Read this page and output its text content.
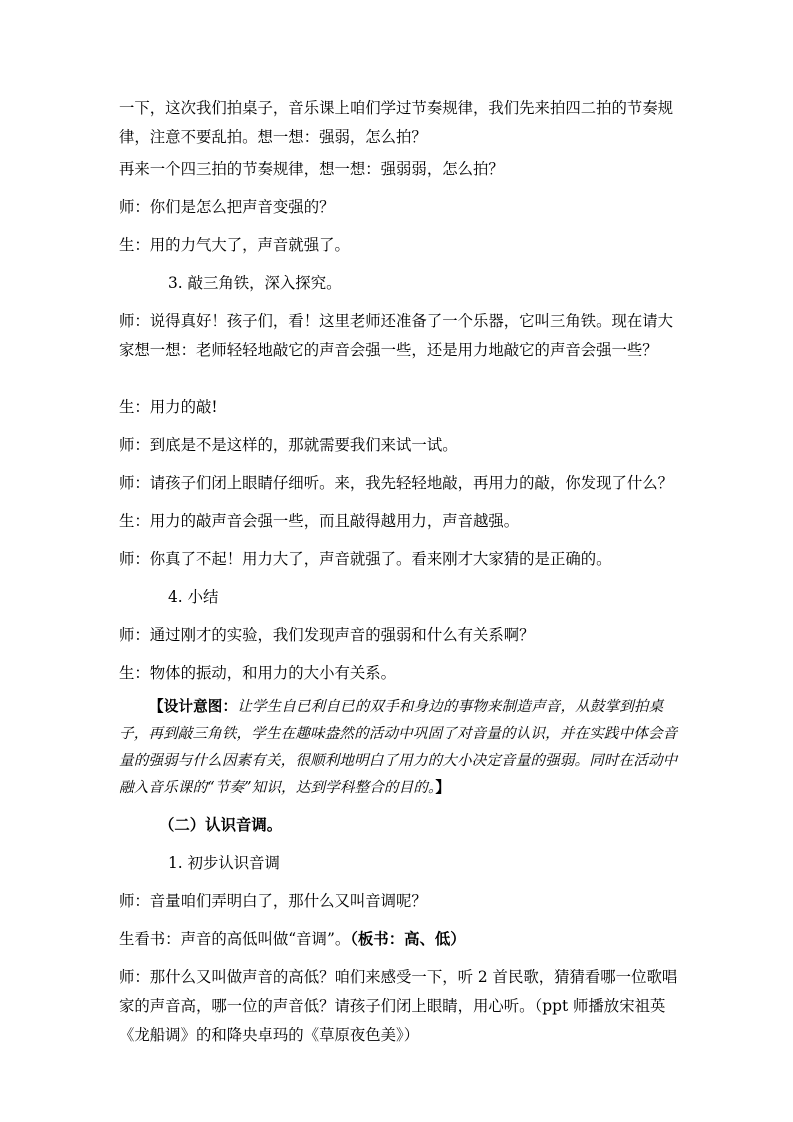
一下，这次我们拍桌子，音乐课上咱们学过节奏规律，我们先来拍四二拍的节奏规律，注意不要乱拍。想一想：强弱，怎么拍？

再来一个四三拍的节奏规律，想一想：强弱弱，怎么拍？

师：你们是怎么把声音变强的？

生：用的力气大了，声音就强了。

3. 敲三角铁，深入探究。

师：说得真好！孩子们，看！这里老师还准备了一个乐器，它叫三角铁。现在请大家想一想：老师轻轻地敲它的声音会强一些，还是用力地敲它的声音会强一些？

生：用力的敲!

师：到底是不是这样的，那就需要我们来试一试。

师：请孩子们闭上眼睛仔细听。来，我先轻轻地敲，再用力的敲，你发现了什么？

生：用力的敲声音会强一些，而且敲得越用力，声音越强。

师：你真了不起！用力大了，声音就强了。看来刚才大家猜的是正确的。

4. 小结

师：通过刚才的实验，我们发现声音的强弱和什么有关系啊？

生：物体的振动，和用力的大小有关系。

【设计意图：让学生自已利自已的双手和身边的事物来制造声音，从鼓掌到拍桌子，再到敲三角铁，学生在趣味盎然的活动中巩固了对音量的认识，并在实践中体会音量的强弱与什么因素有关，很顺利地明白了用力的大小决定音量的强弱。同时在活动中融入音乐课的“节奏”知识，达到学科整合的目的。】

（二）认识音调。

1. 初步认识音调

师：音量咱们弄明白了，那什么又叫音调呢？

生看书：声音的高低叫做“音调”。（板书：高、低）

师：那什么又叫做声音的高低？咱们来感受一下，听 2 首民歌，猜猜看哪一位歌唱家的声音高，哪一位的声音低？请孩子们闭上眼睛，用心听。（ppt 师播放宋祖英《龙船调》的和降央卓玛的《草原夜色美》）
